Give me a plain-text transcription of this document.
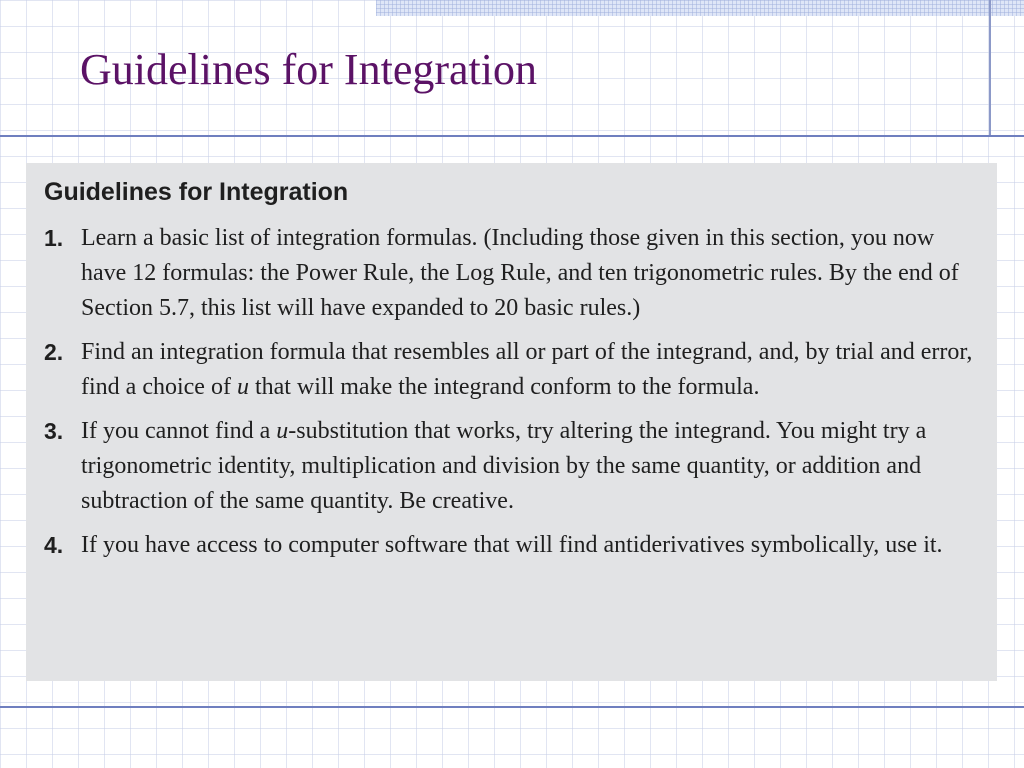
Guidelines for Integration
Guidelines for Integration
1. Learn a basic list of integration formulas. (Including those given in this section, you now have 12 formulas: the Power Rule, the Log Rule, and ten trigonometric rules. By the end of Section 5.7, this list will have expanded to 20 basic rules.)
2. Find an integration formula that resembles all or part of the integrand, and, by trial and error, find a choice of u that will make the integrand conform to the formula.
3. If you cannot find a u-substitution that works, try altering the integrand. You might try a trigonometric identity, multiplication and division by the same quantity, or addition and subtraction of the same quantity. Be creative.
4. If you have access to computer software that will find antiderivatives symbolically, use it.
